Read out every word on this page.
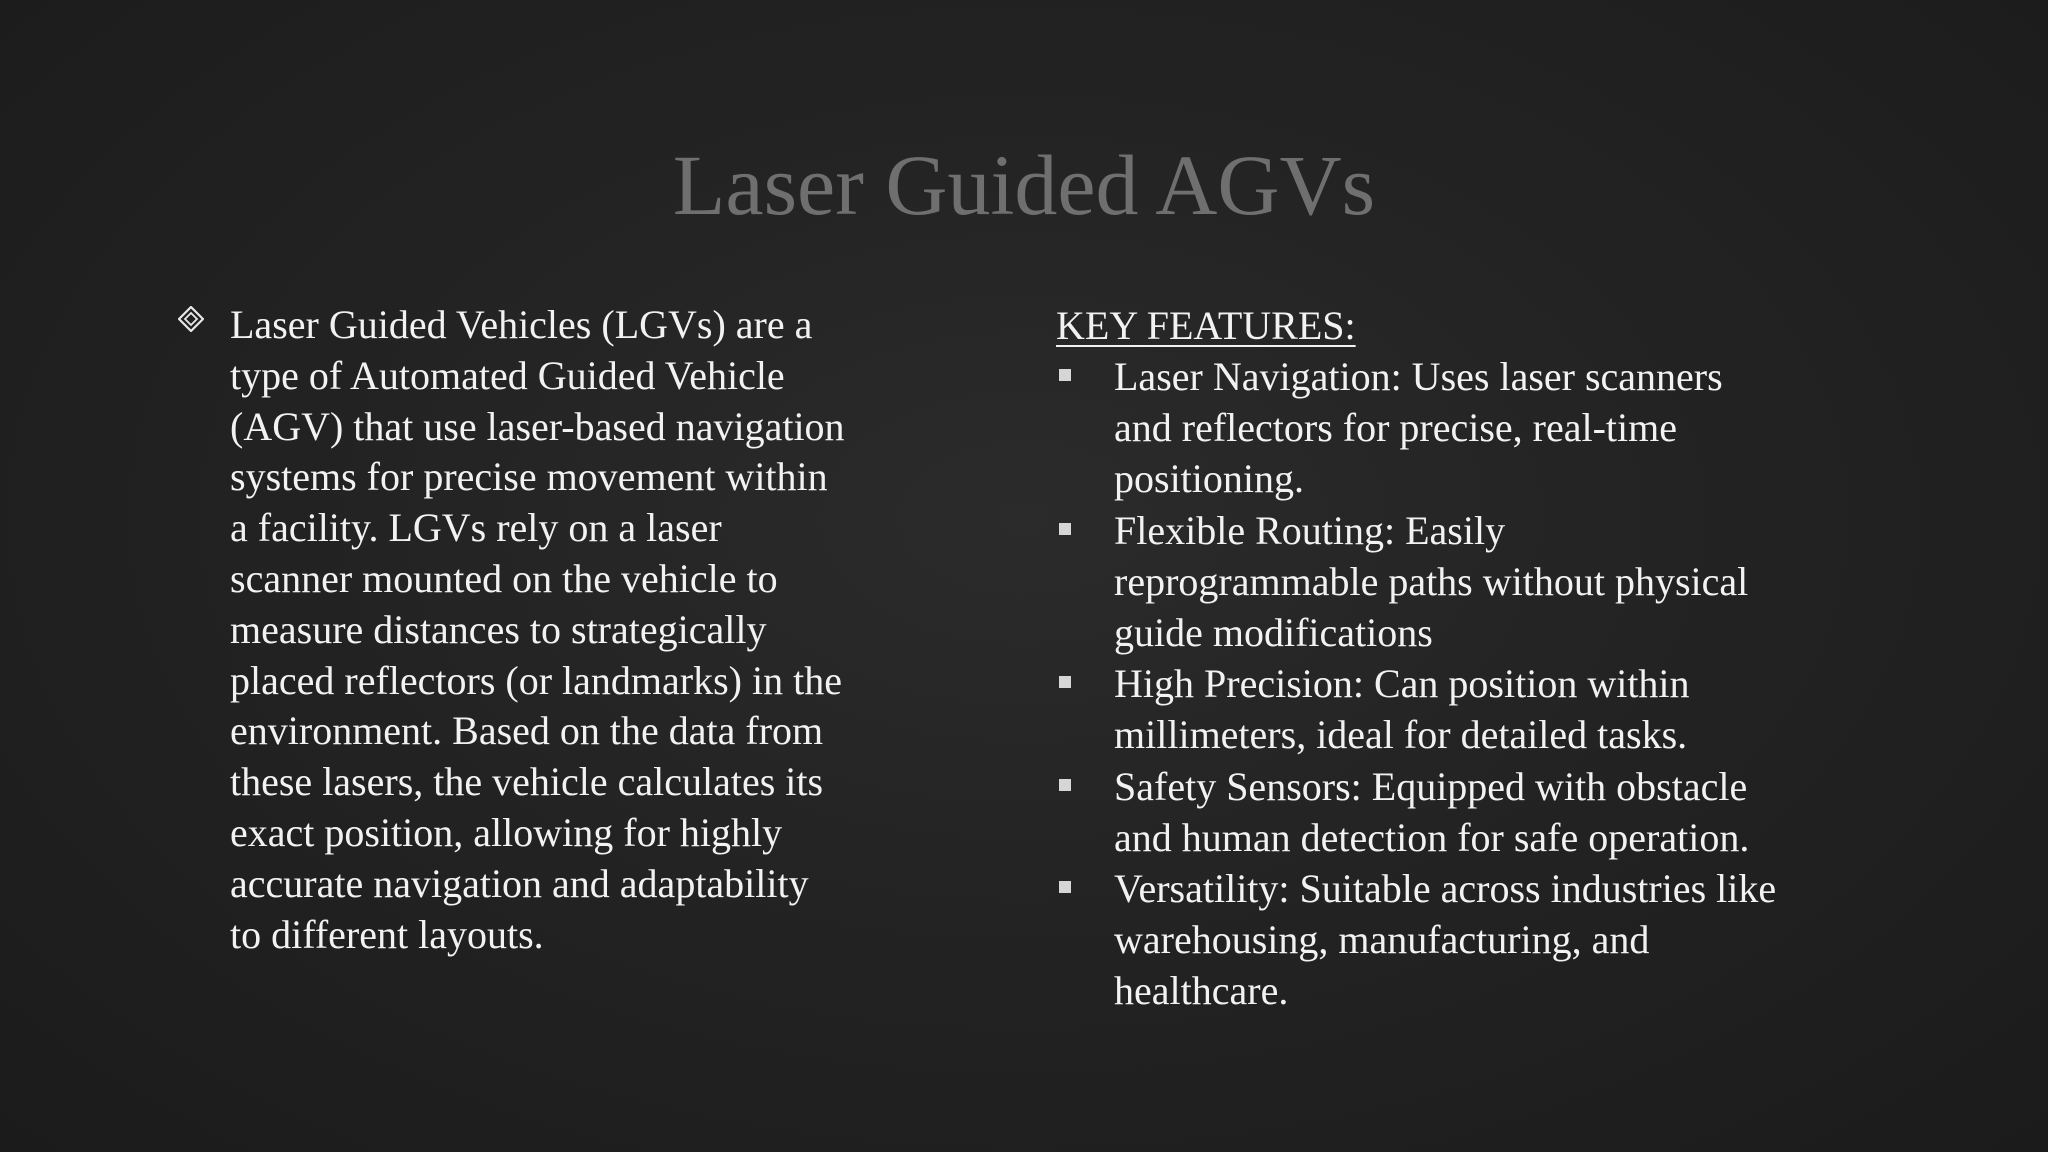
Laser Guided AGVs
Laser Guided Vehicles (LGVs) are a
type of Automated Guided Vehicle
(AGV) that use laser-based navigation
systems for precise movement within
a facility. LGVs rely on a laser
scanner mounted on the vehicle to
measure distances to strategically
placed reflectors (or landmarks) in the
environment. Based on the data from
these lasers, the vehicle calculates its
exact position, allowing for highly
accurate navigation and adaptability
to different layouts.
KEY FEATURES:
Laser Navigation: Uses laser scanners
and reflectors for precise, real-time
positioning.
Flexible Routing: Easily
reprogrammable paths without physical
guide modifications
High Precision: Can position within
millimeters, ideal for detailed tasks.
Safety Sensors: Equipped with obstacle
and human detection for safe operation.
Versatility: Suitable across industries like
warehousing, manufacturing, and
healthcare.
